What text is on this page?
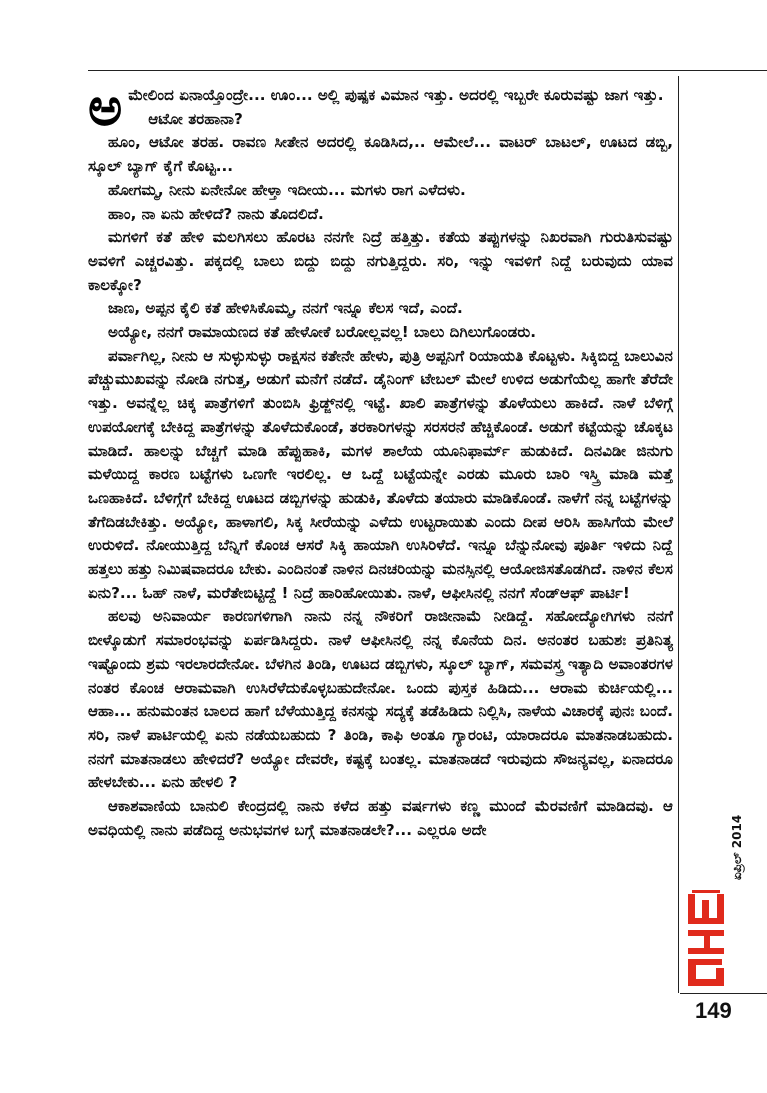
ಅಮೇಲಿಂದ ಏನಾಯ್ತೊಂದ್ರೇ... ಊಂ... ಅಲ್ಲಿ ಪುಷ್ಪಕ ವಿಮಾನ ಇತ್ತು. ಅದರಲ್ಲಿ ಇಬ್ಬರೇ ಕೂರುವಷ್ಟು ಜಾಗ ಇತ್ತು.

ಆಟೋ ತರಹಾನಾ?

ಹೂಂ, ಆಟೋ ತರಹ. ರಾವಣ ಸೀತೇನ ಅದರಲ್ಲಿ ಕೂಡಿಸಿದ,.. ಆಮೇಲೆ... ವಾಟರ್ ಬಾಟಲ್, ಊಟದ ಡಬ್ಬಿ, ಸ್ಕೂಲ್ ಬ್ಯಾಗ್ ಕೈಗೆ ಕೊಟ್ಟ...

ಹೋಗಮ್ಮ, ನೀನು ಏನೇನೋ ಹೇಳ್ತಾ ಇದೀಯ... ಮಗಳು ರಾಗ ಎಳೆದಳು.

ಹಾಂ, ನಾ ಏನು ಹೇಳಿದೆ? ನಾನು ತೊದಲಿದೆ.

ಮಗಳಿಗೆ ಕತೆ ಹೇಳಿ ಮಲಗಿಸಲು ಹೊರಟ ನನಗೇ ನಿದ್ರೆ ಹತ್ತಿತ್ತು. ಕತೆಯ ತಪ್ಪುಗಳನ್ನು ನಿಖರವಾಗಿ ಗುರುತಿಸುವಷ್ಟು ಅವಳಿಗೆ ಎಚ್ಚರವಿತ್ತು. ಪಕ್ಕದಲ್ಲಿ ಬಾಲು ಬಿದ್ದು ಬಿದ್ದು ನಗುತ್ತಿದ್ದರು. ಸರಿ, ಇನ್ನು ಇವಳಿಗೆ ನಿದ್ದೆ ಬರುವುದು ಯಾವ ಕಾಲಕ್ಕೋ?

ಜಾಣ, ಅಪ್ಪನ ಕೈಲಿ ಕತೆ ಹೇಳಿಸಿಕೊಮ್ಮ, ನನಗೆ ಇನ್ನೂ ಕೆಲಸ ಇದೆ, ಎಂದೆ.

ಅಯ್ಯೋ, ನನಗೆ ರಾಮಾಯಣದ ಕತೆ ಹೇಳೋಕೆ ಬರೋಲ್ಲವಲ್ಲ! ಬಾಲು ದಿಗಿಲುಗೊಂಡರು.

ಪರ್ವಾಗಿಲ್ಲ, ನೀನು ಆ ಸುಳ್ಳುಸುಳ್ಳು ರಾಕ್ಷಸನ ಕತೇನೇ ಹೇಳು, ಪುತ್ರಿ ಅಪ್ಪನಿಗೆ ರಿಯಾಯತಿ ಕೊಟ್ಟಳು. ಸಿಕ್ಕಿಬಿದ್ದ ಬಾಲುವಿನ ಪೆಚ್ಚುಮುಖವನ್ನು ನೋಡಿ ನಗುತ್ತ, ಅಡುಗೆ ಮನೆಗೆ ನಡೆದೆ. ಡೈನಿಂಗ್ ಟೇಬಲ್ ಮೇಲೆ ಉಳಿದ ಅಡುಗೆಯೆಲ್ಲ ಹಾಗೇ ತೆರೆದೇ ಇತ್ತು. ಅವನ್ನೆಲ್ಲ ಚಿಕ್ಕ ಪಾತ್ರೆಗಳಿಗೆ ತುಂಬಿಸಿ ಫ್ರಿಡ್ಜ್‌ನಲ್ಲಿ ಇಟ್ಟೆ. ಖಾಲಿ ಪಾತ್ರೆಗಳನ್ನು ತೊಳೆಯಲು ಹಾಕಿದೆ. ನಾಳೆ ಬೆಳಿಗ್ಗೆ ಉಪಯೋಗಕ್ಕೆ ಬೇಕಿದ್ದ ಪಾತ್ರೆಗಳನ್ನು ತೊಳೆದುಕೊಂಡೆ, ತರಕಾರಿಗಳನ್ನು ಸರಸರನೆ ಹೆಚ್ಚಿಕೊಂಡೆ. ಅಡುಗೆ ಕಟ್ಟೆಯನ್ನು ಚೊಕ್ಕಟ ಮಾಡಿದೆ. ಹಾಲನ್ನು ಬೆಚ್ಚಗೆ ಮಾಡಿ ಹೆಪ್ಪುಹಾಕಿ, ಮಗಳ ಶಾಲೆಯ ಯೂನಿಫಾರ್ಮ್ ಹುಡುಕಿದೆ. ದಿನವಿಡೀ ಜಿನುಗು ಮಳೆಯಿದ್ದ ಕಾರಣ ಬಟ್ಟೆಗಳು ಒಣಗೇ ಇರಲಿಲ್ಲ. ಆ ಒದ್ದೆ ಬಟ್ಟೆಯನ್ನೇ ಎರಡು ಮೂರು ಬಾರಿ ಇಸ್ತ್ರಿ ಮಾಡಿ ಮತ್ತೆ ಒಣಹಾಕಿದೆ. ಬೆಳಿಗ್ಗೆಗೆ ಬೇಕಿದ್ದ ಊಟದ ಡಬ್ಬಿಗಳನ್ನು ಹುಡುಕಿ, ತೊಳೆದು ತಯಾರು ಮಾಡಿಕೊಂಡೆ. ನಾಳೆಗೆ ನನ್ನ ಬಟ್ಟೆಗಳನ್ನು ತೆಗೆದಿಡಬೇಕಿತ್ತು. ಅಯ್ಯೋ, ಹಾಳಾಗಲಿ, ಸಿಕ್ಕ ಸೀರೆಯನ್ನು ಎಳೆದು ಉಟ್ಟರಾಯಿತು ಎಂದು ದೀಪ ಆರಿಸಿ ಹಾಸಿಗೆಯ ಮೇಲೆ ಉರುಳಿದೆ. ನೋಯುತ್ತಿದ್ದ ಬೆನ್ನಿಗೆ ಕೊಂಚ ಆಸರೆ ಸಿಕ್ಕಿ ಹಾಯಾಗಿ ಉಸಿರಿಳೆದೆ. ಇನ್ನೂ ಬೆನ್ನುನೋವು ಪೂರ್ತಿ ಇಳಿದು ನಿದ್ದೆ ಹತ್ತಲು ಹತ್ತು ನಿಮಿಷವಾದರೂ ಬೇಕು. ಎಂದಿನಂತೆ ನಾಳಿನ ದಿನಚರಿಯನ್ನು ಮನಸ್ಸಿನಲ್ಲಿ ಆಯೋಜಿಸತೊಡಗಿದೆ. ನಾಳಿನ ಕೆಲಸ ಏನು?... ಓಹ್ ನಾಳೆ, ಮರೆತೇಬಿಟ್ಟಿದ್ದೆ ! ನಿದ್ರೆ ಹಾರಿಹೋಯಿತು. ನಾಳೆ, ಆಫೀಸಿನಲ್ಲಿ ನನಗೆ ಸೆಂಡ್‌ಆಫ್ ಪಾರ್ಟಿ!

ಹಲವು ಅನಿವಾರ್ಯ ಕಾರಣಗಳಿಗಾಗಿ ನಾನು ನನ್ನ ನೌಕರಿಗೆ ರಾಜೀನಾಮೆ ನೀಡಿದ್ದೆ. ಸಹೋದ್ಯೋಗಿಗಳು ನನಗೆ ಬೀಳ್ಕೊಡುಗೆ ಸಮಾರಂಭವನ್ನು ಏರ್ಪಡಿಸಿದ್ದರು. ನಾಳೆ ಆಫೀಸಿನಲ್ಲಿ ನನ್ನ ಕೊನೆಯ ದಿನ. ಅನಂತರ ಬಹುಶಃ ಪ್ರತಿನಿತ್ಯ ಇಷ್ಟೊಂದು ಶ್ರಮ ಇರಲಾರದೇನೋ. ಬೆಳಗಿನ ತಿಂಡಿ, ಊಟದ ಡಬ್ಬಿಗಳು, ಸ್ಕೂಲ್ ಬ್ಯಾಗ್, ಸಮವಸ್ತ್ರ ಇತ್ಯಾದಿ ಅವಾಂತರಗಳ ನಂತರ ಕೊಂಚ ಆರಾಮವಾಗಿ ಉಸಿರೆಳೆದುಕೊಳ್ಳಬಹುದೇನೋ. ಒಂದು ಪುಸ್ತಕ ಹಿಡಿದು... ಆರಾಮ ಕುರ್ಚಿಯಲ್ಲಿ... ಆಹಾ... ಹನುಮಂತನ ಬಾಲದ ಹಾಗೆ ಬೆಳೆಯುತ್ತಿದ್ದ ಕನಸನ್ನು ಸದ್ಯಕ್ಕೆ ತಡೆಹಿಡಿದು ನಿಲ್ಲಿಸಿ, ನಾಳೆಯ ವಿಚಾರಕ್ಕೆ ಪುನಃ ಬಂದೆ. ಸರಿ, ನಾಳೆ ಪಾರ್ಟಿಯಲ್ಲಿ ಏನು ನಡೆಯಬಹುದು ? ತಿಂಡಿ, ಕಾಫಿ ಅಂತೂ ಗ್ಯಾರಂಟಿ, ಯಾರಾದರೂ ಮಾತನಾಡಬಹುದು. ನನಗೆ ಮಾತನಾಡಲು ಹೇಳಿದರೆ? ಅಯ್ಯೋ ದೇವರೇ, ಕಷ್ಟಕ್ಕೆ ಬಂತಲ್ಲ. ಮಾತನಾಡದೆ ಇರುವುದು ಸೌಜನ್ಯವಲ್ಲ, ಏನಾದರೂ ಹೇಳಬೇಕು... ಏನು ಹೇಳಲಿ ?

ಆಕಾಶವಾಣಿಯ ಬಾನುಲಿ ಕೇಂದ್ರದಲ್ಲಿ ನಾನು ಕಳೆದ ಹತ್ತು ವರ್ಷಗಳು ಕಣ್ಣ ಮುಂದೆ ಮೆರವಣಿಗೆ ಮಾಡಿದವು. ಆ ಅವಧಿಯಲ್ಲಿ ನಾನು ಪಡೆದಿದ್ದ ಅನುಭವಗಳ ಬಗ್ಗೆ ಮಾತನಾಡಲೇ?... ಎಲ್ಲರೂ ಅದೇ	ಏಪ್ರಿಲ್ 2014
149
